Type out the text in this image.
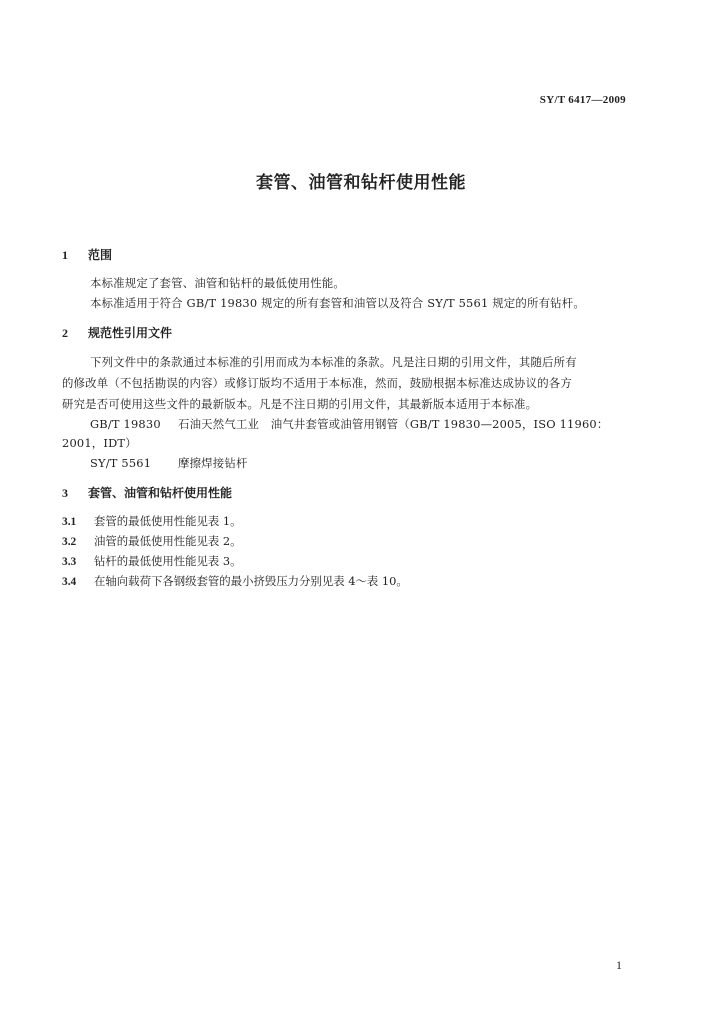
SY/T 6417—2009
套管、油管和钻杆使用性能
1 范围
本标准规定了套管、油管和钻杆的最低使用性能。
本标准适用于符合 GB/T 19830 规定的所有套管和油管以及符合 SY/T 5561 规定的所有钻杆。
2 规范性引用文件
下列文件中的条款通过本标准的引用而成为本标准的条款。凡是注日期的引用文件，其随后所有
的修改单（不包括勘误的内容）或修订版均不适用于本标准，然而，鼓励根据本标准达成协议的各方
研究是否可使用这些文件的最新版本。凡是不注日期的引用文件，其最新版本适用于本标准。
GB/T 19830 石油天然气工业　油气井套管或油管用钢管（GB/T 19830—2005，ISO 11960：
2001，IDT）
SY/T 5561 摩擦焊接钻杆
3 套管、油管和钻杆使用性能
3.1 套管的最低使用性能见表 1。
3.2 油管的最低使用性能见表 2。
3.3 钻杆的最低使用性能见表 3。
3.4 在轴向载荷下各钢级套管的最小挤毁压力分别见表 4～表 10。
1
